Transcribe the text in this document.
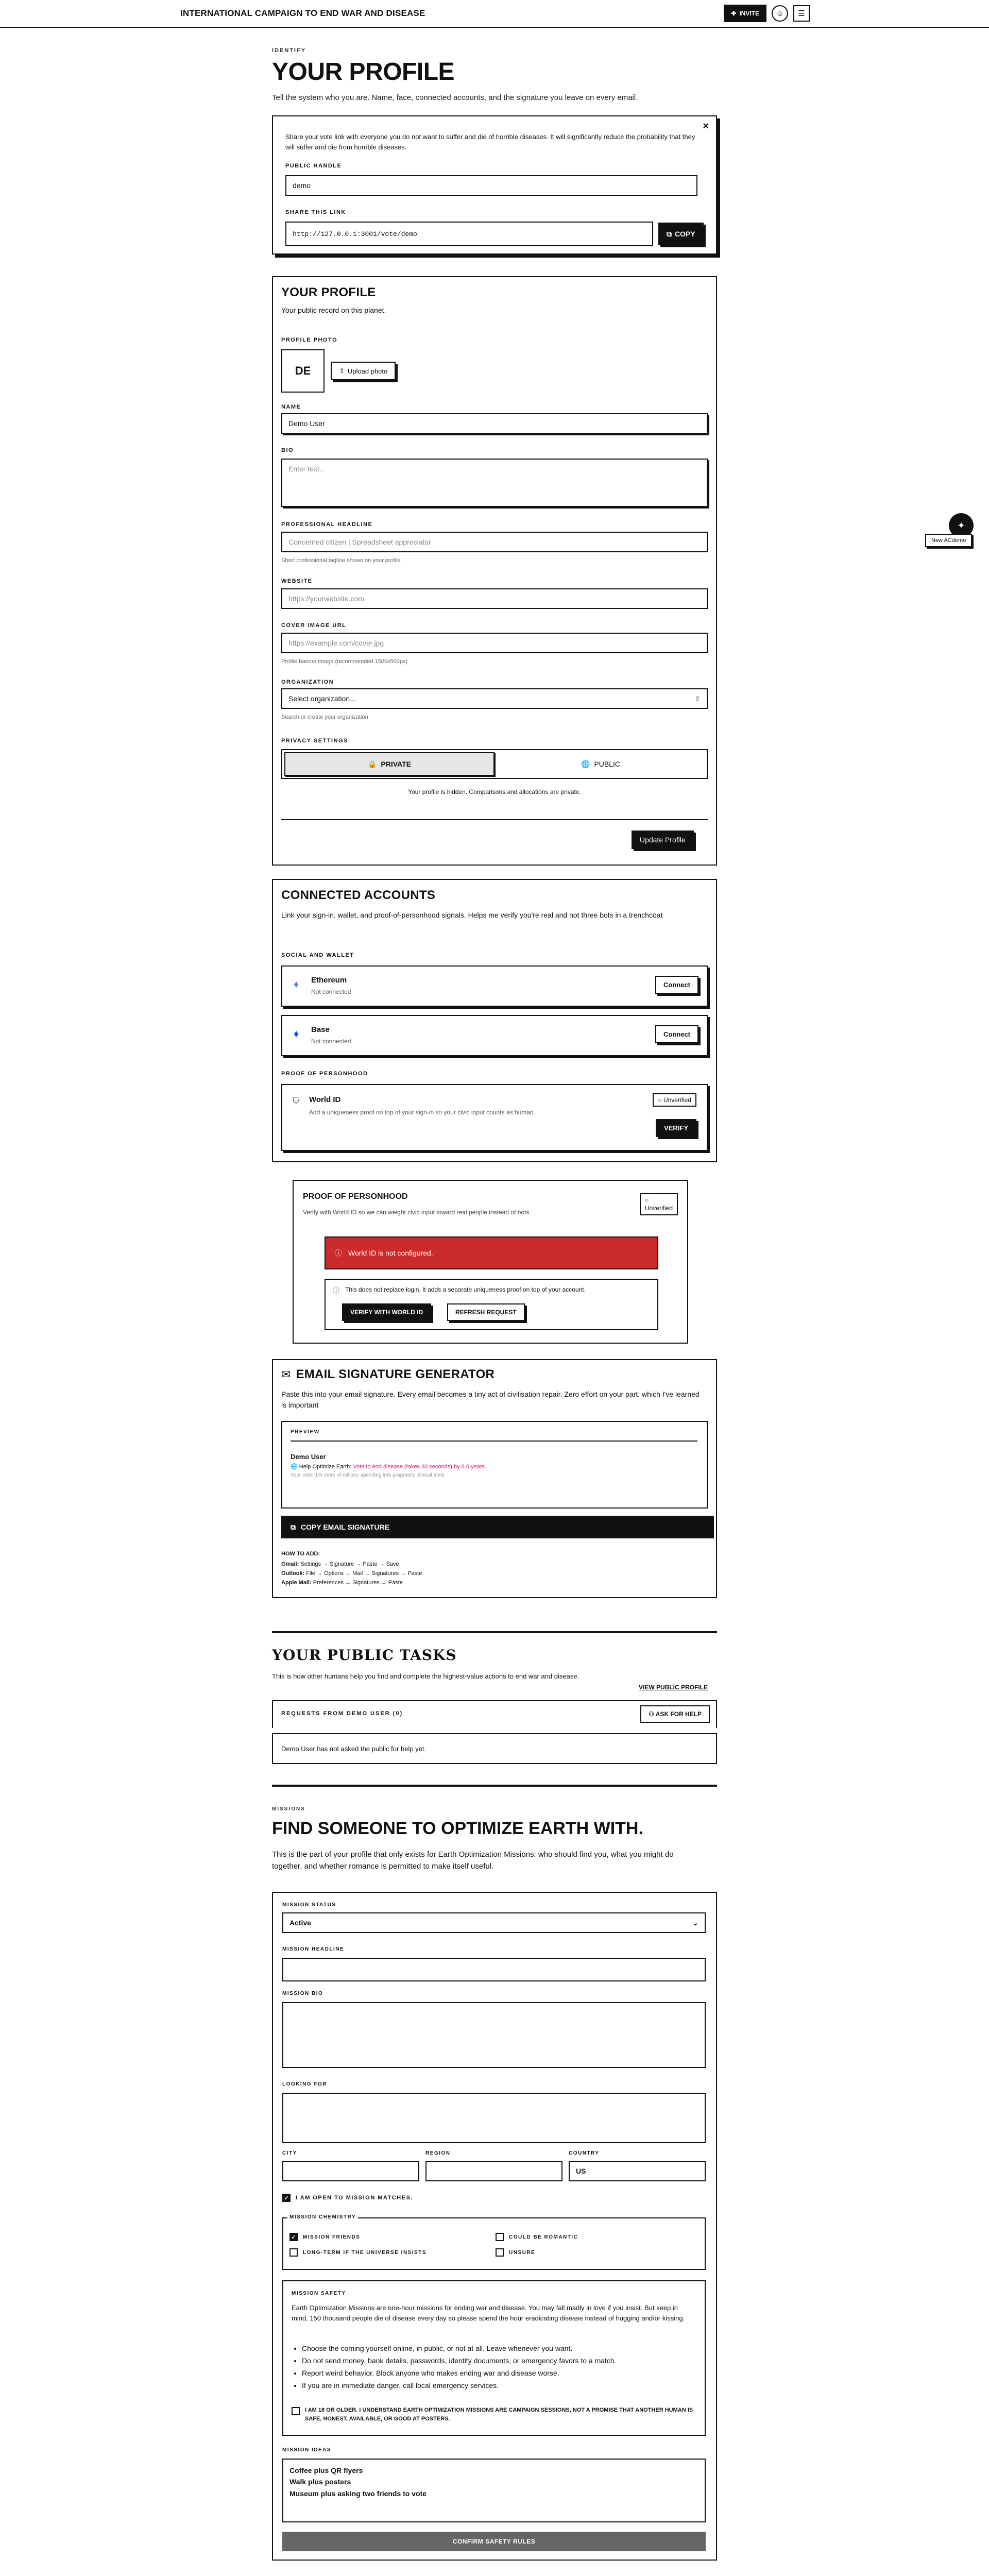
INTERNATIONAL CAMPAIGN TO END WAR AND DISEASE	✚ INVITE	☺	☰
IDENTIFY
YOUR PROFILE
Tell the system who you are. Name, face, connected accounts, and the signature you leave on every email.
×
Share your vote link with everyone you do not want to suffer and die of horrible diseases. It will significantly reduce the probability that they will suffer and die from horrible diseases.
PUBLIC HANDLE
demo
SHARE THIS LINK
http://127.0.0.1:3001/vote/demo	⧉ COPY
YOUR PROFILE
Your public record on this planet.
PROFILE PHOTO
DE	⇪ Upload photo
NAME
Demo User
BIO
Enter text...
PROFESSIONAL HEADLINE
Concerned citizen | Spreadsheet appreciator
Short professional tagline shown on your profile
WEBSITE
https://yourwebsite.com
COVER IMAGE URL
https://example.com/cover.jpg
Profile banner image (recommended 1500x500px)
ORGANIZATION
Select organization...	⇕
Search or create your organization
PRIVACY SETTINGS
🔒 PRIVATE	🌐 PUBLIC
Your profile is hidden. Comparisons and allocations are private.
Update Profile
CONNECTED ACCOUNTS
Link your sign-in, wallet, and proof-of-personhood signals. Helps me verify you're real and not three bots in a trenchcoat
SOCIAL AND WALLET
♦ Ethereum
Not connected
Connect
♦ Base
Not connected
Connect
PROOF OF PERSONHOOD
⛉ World ID
Add a uniqueness proof on top of your sign-in so your civic input counts as human.
○ Unverified
VERIFY
PROOF OF PERSONHOOD
Verify with World ID so we can weight civic input toward real people instead of bots.
○
Unverified
ⓘ World ID is not configured.
ⓘ This does not replace login. It adds a separate uniqueness proof on top of your account.
VERIFY WITH WORLD ID	REFRESH REQUEST
✉ EMAIL SIGNATURE GENERATOR
Paste this into your email signature. Every email becomes a tiny act of civilisation repair. Zero effort on your part, which I've learned is important
PREVIEW
Demo User
🌐 Help Optimize Earth: Vote to end disease (takes 30 seconds) by 8.0 years
Your vote: 1% more of military spending into pragmatic clinical trials
⧉ COPY EMAIL SIGNATURE
HOW TO ADD:
Gmail: Settings → Signature → Paste → Save
Outlook: File → Options → Mail → Signatures → Paste
Apple Mail: Preferences → Signatures → Paste
YOUR PUBLIC TASKS
This is how other humans help you find and complete the highest-value actions to end war and disease.
VIEW PUBLIC PROFILE
REQUESTS FROM DEMO USER (0)	⚇ ASK FOR HELP
Demo User has not asked the public for help yet.
MISSIONS
FIND SOMEONE TO OPTIMIZE EARTH WITH.
This is the part of your profile that only exists for Earth Optimization Missions: who should find you, what you might do together, and whether romance is permitted to make itself useful.
MISSION STATUS
Active	⌄
MISSION HEADLINE
MISSION BIO
LOOKING FOR
CITY	REGION	COUNTRY
US
✓	I AM OPEN TO MISSION MATCHES.
MISSION CHEMISTRY
✓	MISSION FRIENDS	COULD BE ROMANTIC
LONG-TERM IF THE UNIVERSE INSISTS	UNSURE
MISSION SAFETY
Earth Optimization Missions are one-hour missions for ending war and disease. You may fall madly in love if you insist. But keep in mind, 150 thousand people die of disease every day so please spend the hour eradicating disease instead of hugging and/or kissing.
• Choose the coming yourself online, in public, or not at all. Leave whenever you want.
• Do not send money, bank details, passwords, identity documents, or emergency favors to a match.
• Report weird behavior. Block anyone who makes ending war and disease worse.
• If you are in immediate danger, call local emergency services.
I AM 18 OR OLDER. I UNDERSTAND EARTH OPTIMIZATION MISSIONS ARE CAMPAIGN SESSIONS, NOT A PROMISE THAT ANOTHER HUMAN IS SAFE, HONEST, AVAILABLE, OR GOOD AT POSTERS.
MISSION IDEAS
Coffee plus QR flyers
Walk plus posters
Museum plus asking two friends to vote
CONFIRM SAFETY RULES
✦
New ACdemo
